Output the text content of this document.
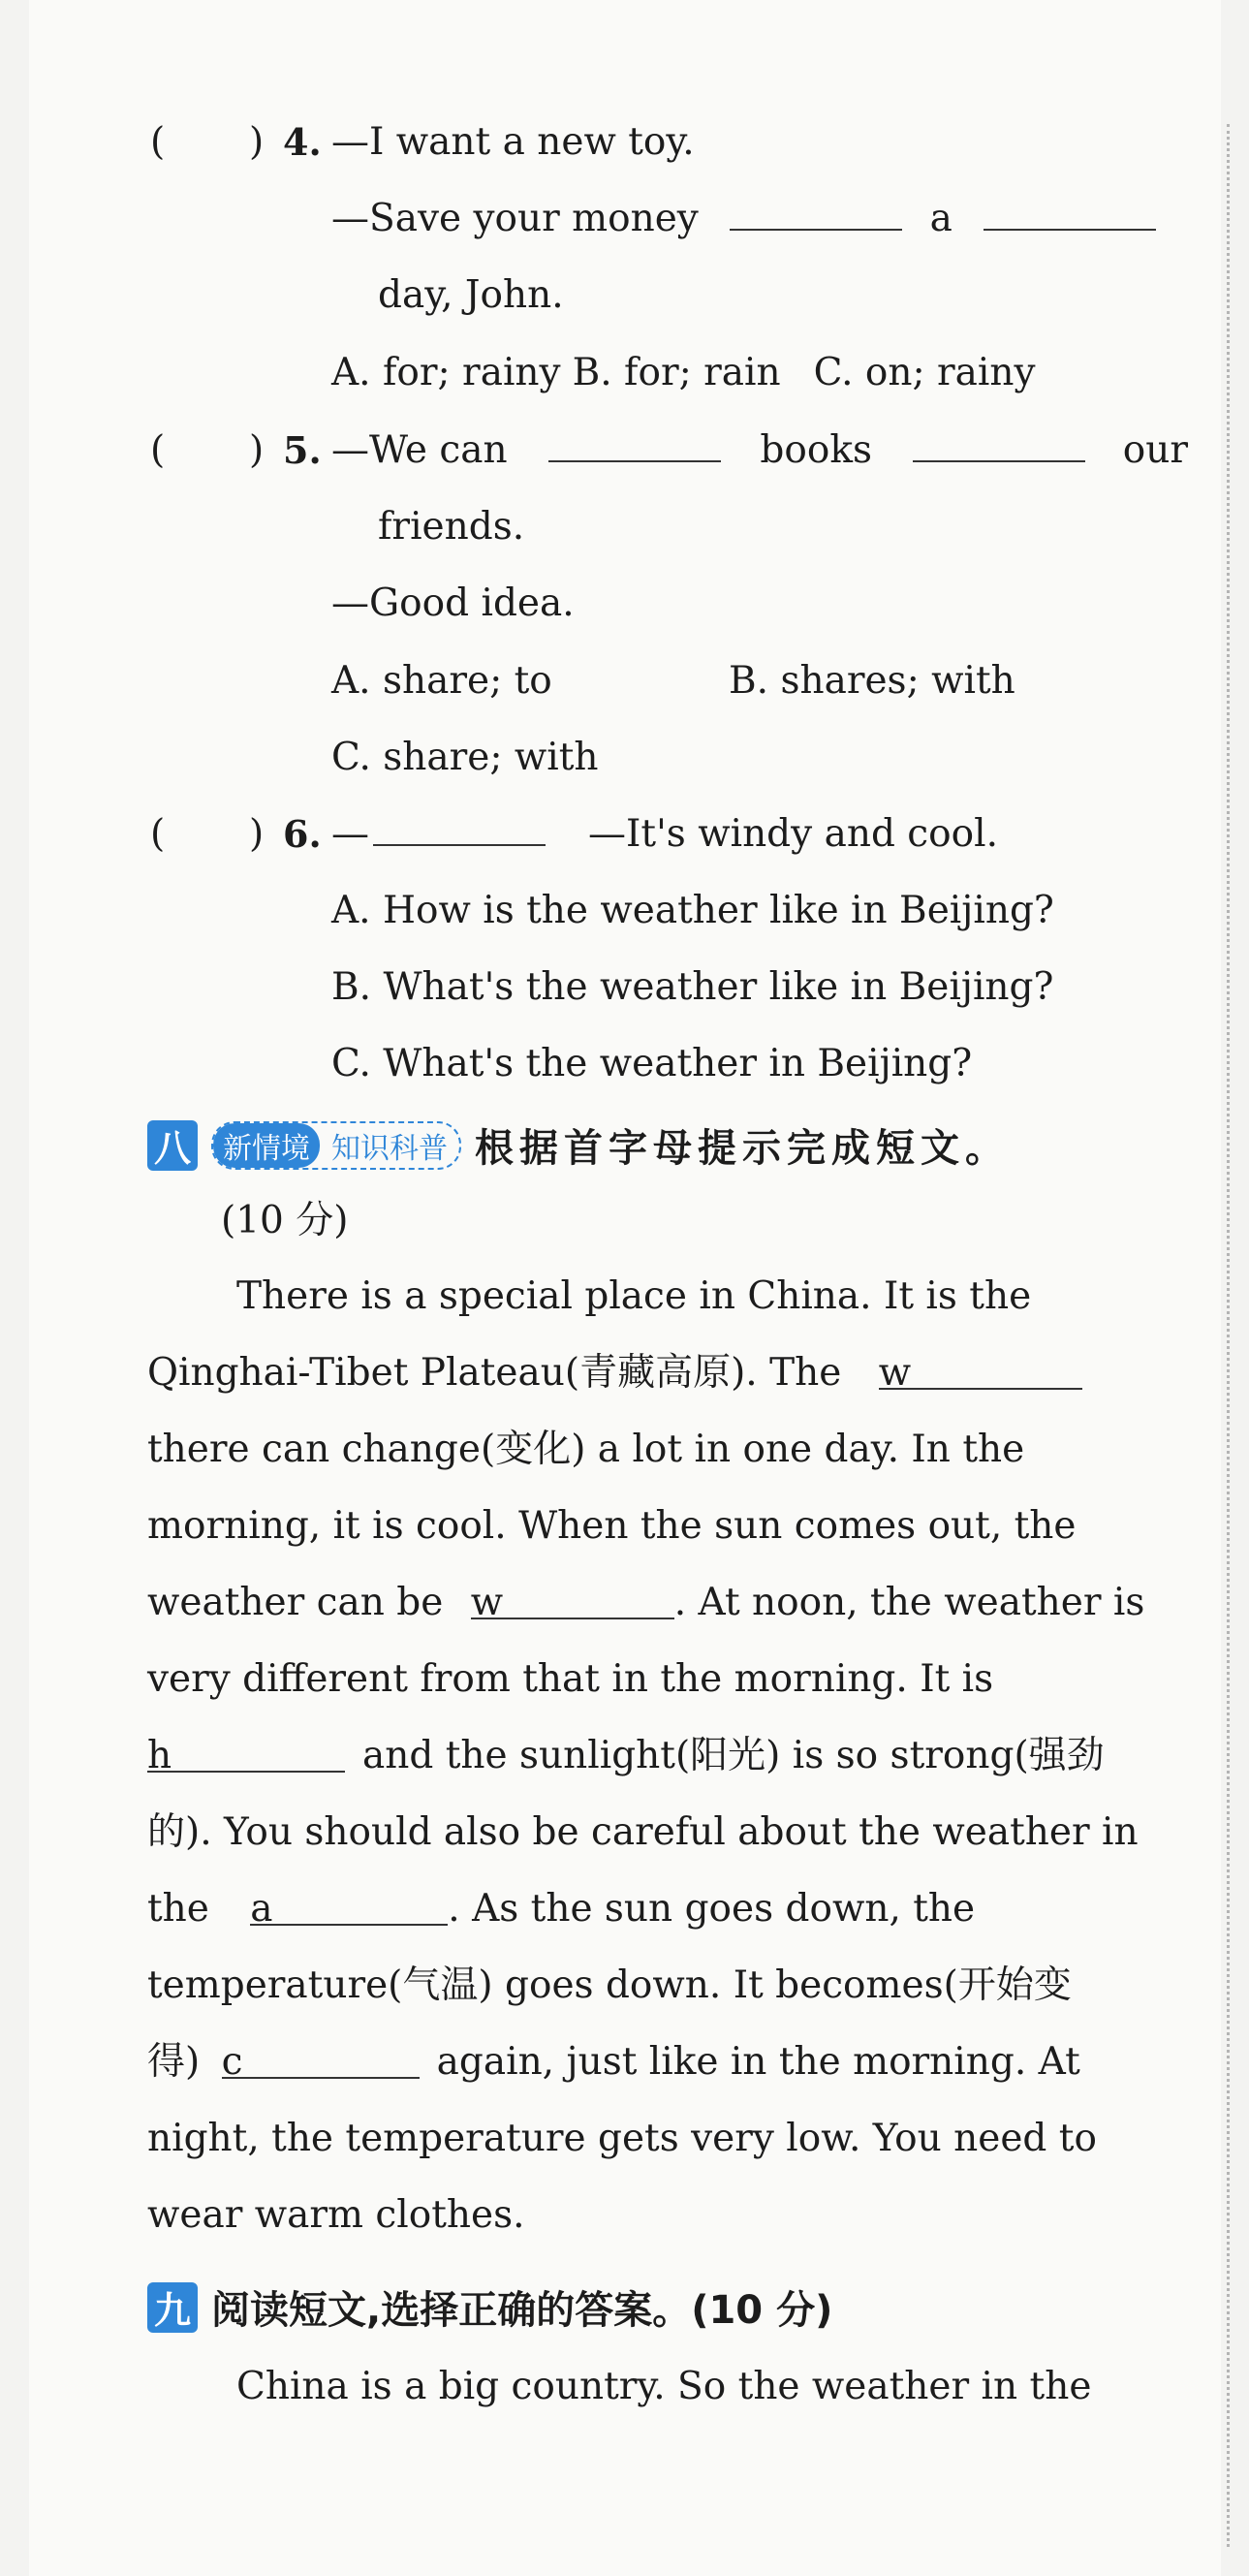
(       ) 4. —I want a new toy.
—Save your money	a
day, John.
A. for; rainy B. for; rain C. on; rainy
(       ) 5. —We can	books	our
friends.
—Good idea.
A. share; to	B. shares; with
C. share; with
(       ) 6. —	—It's windy and cool.
A. How is the weather like in Beijing?
B. What's the weather like in Beijing?
C. What's the weather in Beijing?
八	新情境 知识科普 根据首字母提示完成短文。
(10 分)
There is a special place in China. It is the
Qinghai-Tibet Plateau(青藏高原). The w
there can change(变化) a lot in one day. In the
morning, it is cool. When the sun comes out, the
weather can be w	. At noon, the weather is
very different from that in the morning. It is
h	and the sunlight(阳光) is so strong(强劲
的). You should also be careful about the weather in
the a	. As the sun goes down, the
temperature(气温) goes down. It becomes(开始变
得) c	again, just like in the morning. At
night, the temperature gets very low. You need to
wear warm clothes.
九 阅读短文,选择正确的答案。(10 分)
China is a big country. So the weather in the
